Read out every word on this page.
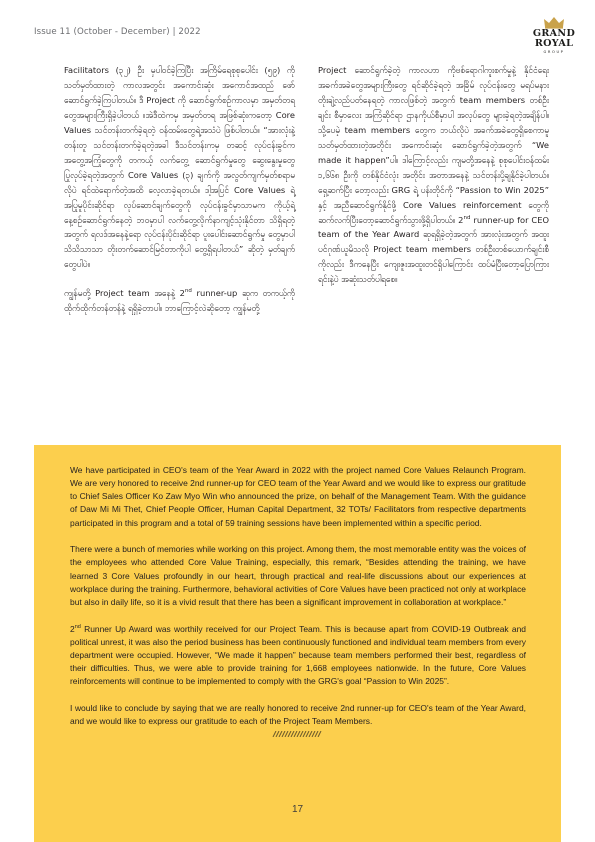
Issue 11 (October - December) | 2022	GRAND
ROYAL
GROUP

Facilitators (၃၂) ဦး မှပါဝင်ခဲ့ကြပြီး အကြိမ်ရေစုစုပေါင်း (၅၉) ကို သတ်မှတ်ထားတဲ့ ကာလအတွင်း အကောင်းဆုံး အကောင်အထည် ဖော်ဆောင်ရွက်ခဲ့ကြပါတယ်။ ဒီ Project ကို ဆောင်ရွက်စဉ်ကာလမှာ အမှတ်တရတွေအများကြီးရှိခဲ့ပါတယ် ။အဲဒီထဲကမှ အမှတ်တရ အဖြစ်ဆုံးကတော့ Core Values သင်တန်းတက်ခဲ့ရတဲ့ ဝန်ထမ်းတွေရဲ့အသံပဲ ဖြစ်ပါတယ်။ “အားလုံးနဲ့တန်းတူ သင်တန်းတက်ခဲ့ရတဲ့အခါ ဒီသင်တန်းကမှ တဆင့် လုပ်ငန်းခွင်ကအတွေ့အကြုံတွေကို တကယ့် လက်တွေ့ ဆောင်ရွက်မှုတွေ ဆွေးနွေးမှုတွေ ပြုလုပ်ခဲ့ရတဲ့အတွက် Core Values (၃) ချက်ကို အလွတ်ကျက်မှတ်စရာမလိုပဲ ရင်ထဲရောက်တဲ့အထိ လေ့လာခဲ့ရတယ်။ ဒါ့အပြင် Core Values ရဲ့ အပြုမူပိုင်းဆိုင်ရာ လုပ်ဆောင်ချက်တွေကို လုပ်ငန်းခွင်မှာသာမက ကိုယ့်ရဲ့ နေ့စဉ်ဆောင်ရွက်နေတဲ့ ဘဝမှာပါ လက်တွေ့လိုက်နာကျင့်သုံးနိုင်တာ သိရှိရတဲ့အတွက် ရလဒ်အနေနဲ့ရော လုပ်ငန်းပိုင်းဆိုင်ရာ ပူးပေါင်းဆောင်ရွက်မှု တွေမှာပါ သိသိသာသာ တိုးတက်ဆောင်မြင်တာကိုပါ တွေ့ရှိရပါတယ်” ဆိုတဲ့ မှတ်ချက်တွေပါပဲ။

ကျွန်မတို့ Project team အနေနဲ့ 2nd runner-up ဆုက တကယ့်ကို ထိုက်ထိုက်တန်တန်နဲ့ ရရှိခဲ့တာပါ။ ဘာကြောင့်လဲဆိုတော့ ကျွန်မတို့

Project ဆောင်ရွက်ခဲ့တဲ့ ကာလဟာ ကိုဗစ်ရောဂါကူးစက်မှုနဲ့ နိုင်ငံရေး အခက်အခဲတွေအများကြီးတွေ ရင်ဆိုင်ခဲ့ရတဲ့ အခြိမ် လုပ်ငန်းတွေ မရပ်မနား တိုးချဲ့လည်ပတ်နေရတဲ့ ကာလဖြစ်တဲ့ အတွက် team members တစ်ဦးချင်း စီမှာလေး အကြံဆိုင်ရာ ဌာနကိုယ်စီမှာပါ အလုပ်တွေ များခဲ့ရတဲ့အချိန်ပါ။ သို့ပေမဲ့ team members တွေက ဘယ်လိုပဲ အခက်အခဲတွေရှိစေကာမူ သတ်မှတ်ထားတဲ့အတိုင်း အကောင်းဆုံး ဆောင်ရွက်ခဲ့တဲ့အတွက် “We made it happen”ပါ။ ဒါကြောင့်လည်း ကျမတို့အနေနဲ့ စုစုပေါင်းဝန်ထမ်း ၁,၆၆၈ ဦးကို တစ်နိုင်ငံလုံး အတိုင်း အတာအနေနဲ့ သင်တန်းပို့ချနိုင်ခဲ့ပါတယ်။ ရှေ့ဆက်ပြီး တော့လည်း GRG ရဲ့ ပန်းတိုင်ကို “Passion to Win 2025” နှင့် အညီဆောင်ရွက်နိုင်ဖို့ Core Values reinforcement တွေကို ဆက်လက်ပြီးတော့ဆောင်ရွက်သွားဖို့ရှိပါတယ်။ 2nd runner-up for CEO team of the Year Award ဆုရရှိခဲ့တဲ့အတွက် အားလုံးအတွက် အထူးပင်ဂုဏ်ယူမိသလို Project team members တစ်ဦးတစ်ယောက်ချင်းစီကိုလည်း ဒီကနေပြီး ကျေးဇူးအထူးတင်ရှိပါကြောင်း ထပ်မံပြီးတော့ပြောကြားရင်းနဲ့ပဲ အဆုံးသတ်ပါရစေ။

We have participated in CEO's team of the Year Award in 2022 with the project named Core Values Relaunch Program. We are very honored to receive 2nd runner-up for CEO team of the Year Award and we would like to express our gratitude to Chief Sales Officer Ko Zaw Myo Win who announced the prize, on behalf of the Management Team. With the guidance of Daw Mi Mi Thet, Chief People Officer, Human Capital Department, 32 TOTs/ Facilitators from respective departments participated in this program and a total of 59 training sessions have been implemented within a specific period.

There were a bunch of memories while working on this project. Among them, the most memorable entity was the voices of the employees who attended Core Value Training, especially, this remark, “Besides attending the training, we have learned 3 Core Values profoundly in our heart, through practical and real-life discussions about our experiences at workplace during the training. Furthermore, behavioral activities of Core Values have been practiced not only at workplace but also in daily life, so it is a vivid result that there has been a significant improvement in collaboration at workplace.”

2nd Runner Up Award was worthily received for our Project Team. This is because apart from COVID-19 Outbreak and political unrest, it was also the period business has been continuously functioned and individual team members from every department were occupied. However, “We made it happen” because team members performed their best, regardless of their difficulties. Thus, we were able to provide training for 1,668 employees nationwide. In the future, Core Values reinforcements will continue to be implemented to comply with the GRG's goal “Passion to Win 2025”.

I would like to conclude by saying that we are really honored to receive 2nd runner-up for CEO's team of the Year Award, and we would like to express our gratitude to each of the Project Team Members.

17
